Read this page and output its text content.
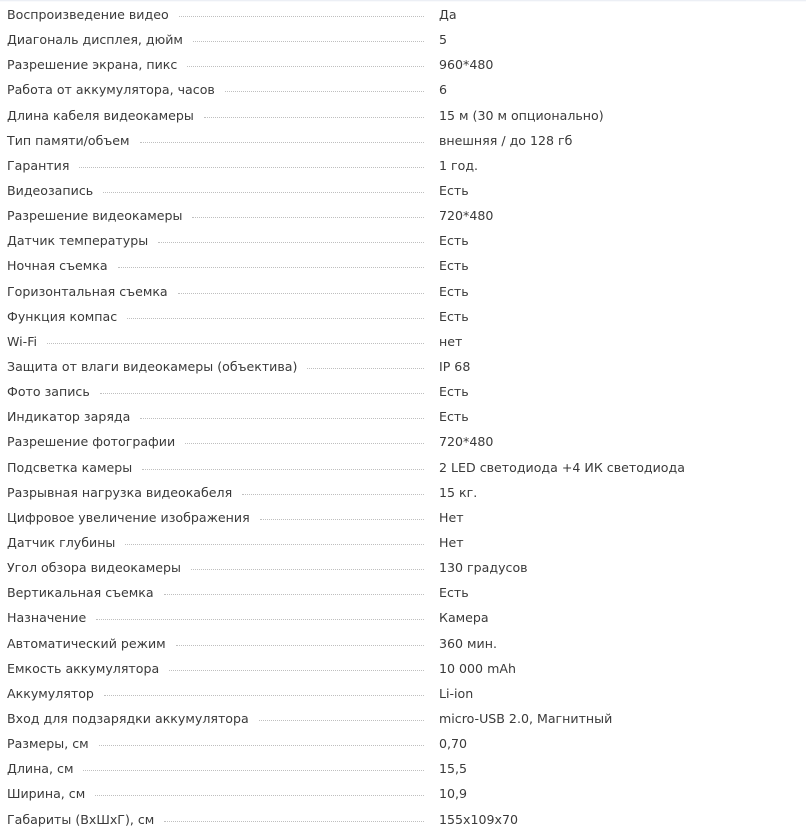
Воспроизведение видео	Да
Диагональ дисплея, дюйм	5
Разрешение экрана, пикс	960*480
Работа от аккумулятора, часов	6
Длина кабеля видеокамеры	15 м (30 м опционально)
Тип памяти/объем	внешняя / до 128 гб
Гарантия	1 год.
Видеозапись	Есть
Разрешение видеокамеры	720*480
Датчик температуры	Есть
Ночная съемка	Есть
Горизонтальная съемка	Есть
Функция компас	Есть
Wi-Fi	нет
Защита от влаги видеокамеры (объектива)	IP 68
Фото запись	Есть
Индикатор заряда	Есть
Разрешение фотографии	720*480
Подсветка камеры	2 LED светодиода +4 ИК светодиода
Разрывная нагрузка видеокабеля	15 кг.
Цифровое увеличение изображения	Нет
Датчик глубины	Нет
Угол обзора видеокамеры	130 градусов
Вертикальная съемка	Есть
Назначение	Камера
Автоматический режим	360 мин.
Емкость аккумулятора	10 000 mAh
Аккумулятор	Li-ion
Вход для подзарядки аккумулятора	micro-USB 2.0, Магнитный
Размеры, см	0,70
Длина, см	15,5
Ширина, см	10,9
Габариты (ВхШхГ), см	155х109х70
